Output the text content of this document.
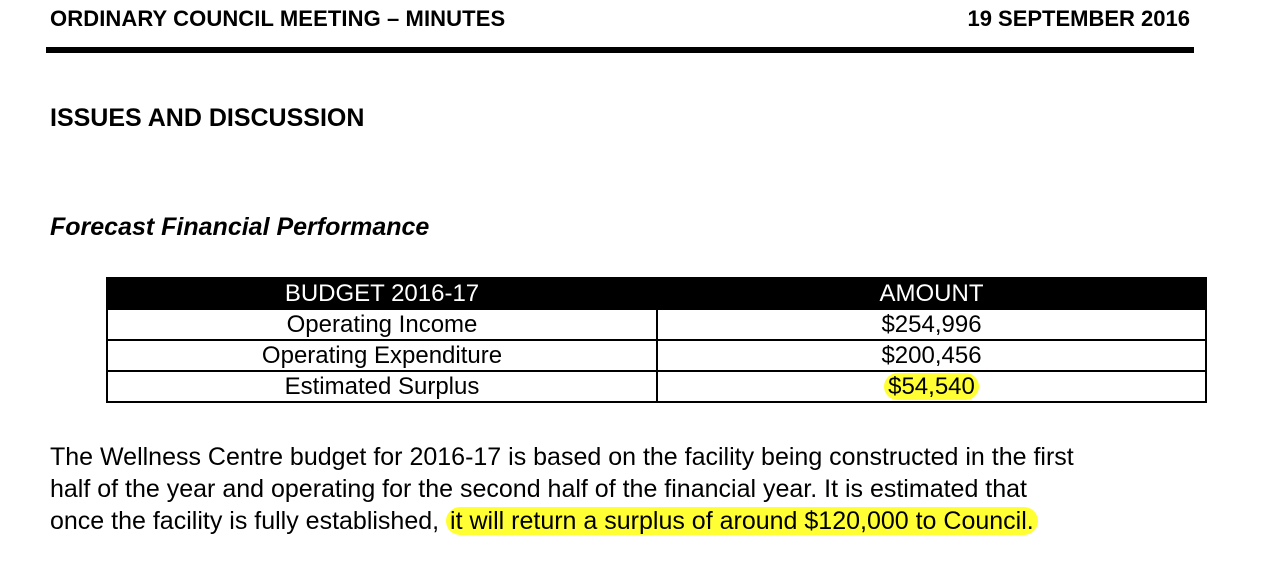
ORDINARY COUNCIL MEETING – MINUTES	19 SEPTEMBER 2016
ISSUES AND DISCUSSION
Forecast Financial Performance
BUDGET 2016-17	AMOUNT
Operating Income	$254,996
Operating Expenditure	$200,456
Estimated Surplus	$54,540
The Wellness Centre budget for 2016-17 is based on the facility being constructed in the first
half of the year and operating for the second half of the financial year. It is estimated that
once the facility is fully established, it will return a surplus of around $120,000 to Council.
